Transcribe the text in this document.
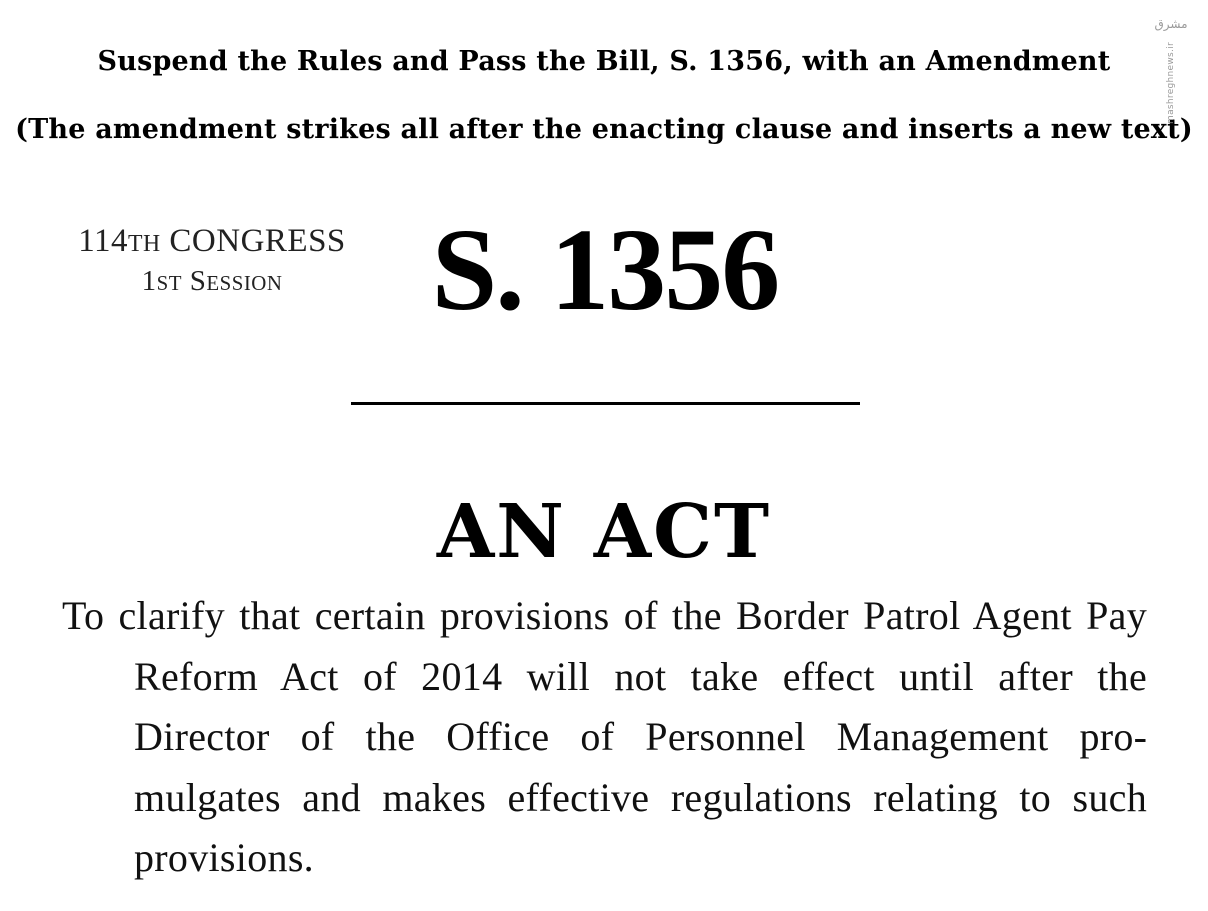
Suspend the Rules and Pass the Bill, S. 1356, with an Amendment
(The amendment strikes all after the enacting clause and inserts a new text)
114TH CONGRESS
1ST SESSION	S. 1356
AN ACT
To clarify that certain provisions of the Border Patrol Agent Pay Reform Act of 2014 will not take effect until after the Director of the Office of Personnel Management promulgates and makes effective regulations relating to such provisions.
مشرق
mashreghnews.ir
